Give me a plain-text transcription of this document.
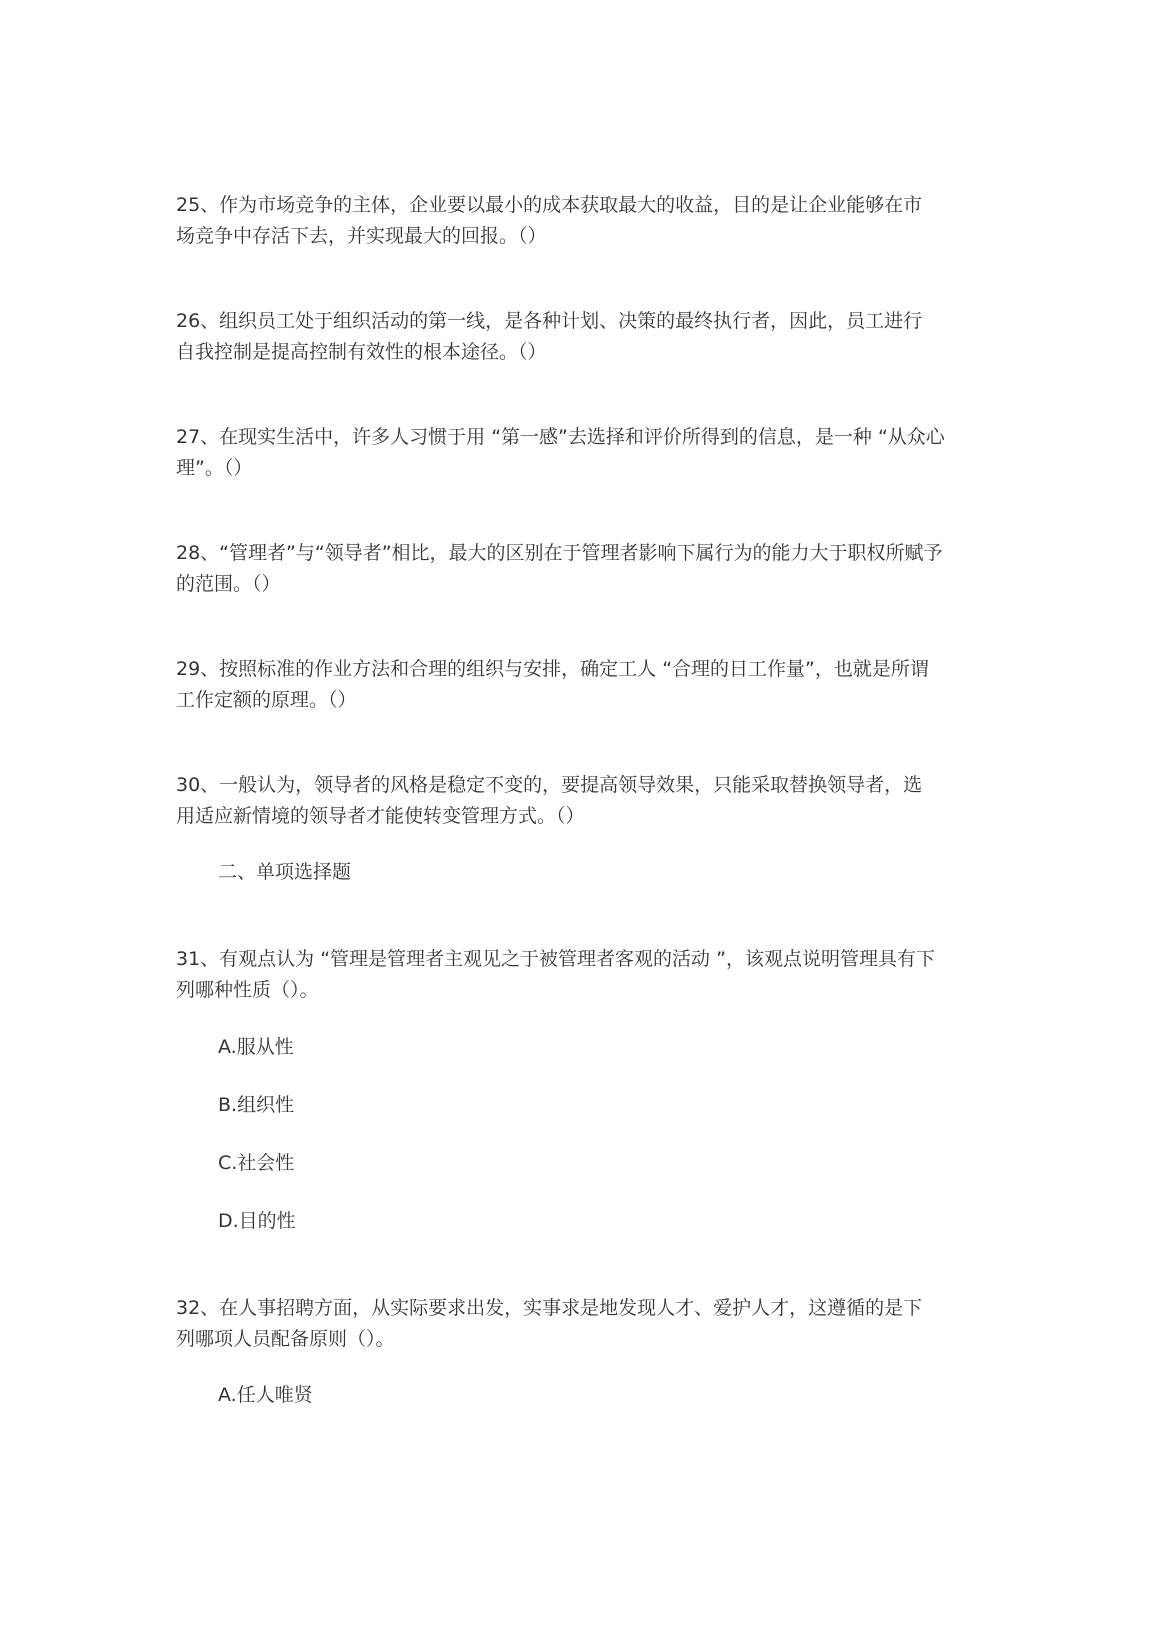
25、作为市场竞争的主体，企业要以最小的成本获取最大的收益，目的是让企业能够在市
场竞争中存活下去，并实现最大的回报。（）
26、组织员工处于组织活动的第一线，是各种计划、决策的最终执行者，因此，员工进行
自我控制是提高控制有效性的根本途径。（）
27、在现实生活中，许多人习惯于用 “第一感”去选择和评价所得到的信息，是一种 “从众心
理”。（）
28、“管理者”与“领导者”相比，最大的区别在于管理者影响下属行为的能力大于职权所赋予
的范围。（）
29、按照标准的作业方法和合理的组织与安排，确定工人 “合理的日工作量”，也就是所谓
工作定额的原理。（）
30、一般认为，领导者的风格是稳定不变的，要提高领导效果，只能采取替换领导者，选
用适应新情境的领导者才能使转变管理方式。（）
二、单项选择题
31、有观点认为 “管理是管理者主观见之于被管理者客观的活动 ”，该观点说明管理具有下
列哪种性质（）。
A.服从性
B.组织性
C.社会性
D.目的性
32、在人事招聘方面，从实际要求出发，实事求是地发现人才、爱护人才，这遵循的是下
列哪项人员配备原则（）。
A.任人唯贤
